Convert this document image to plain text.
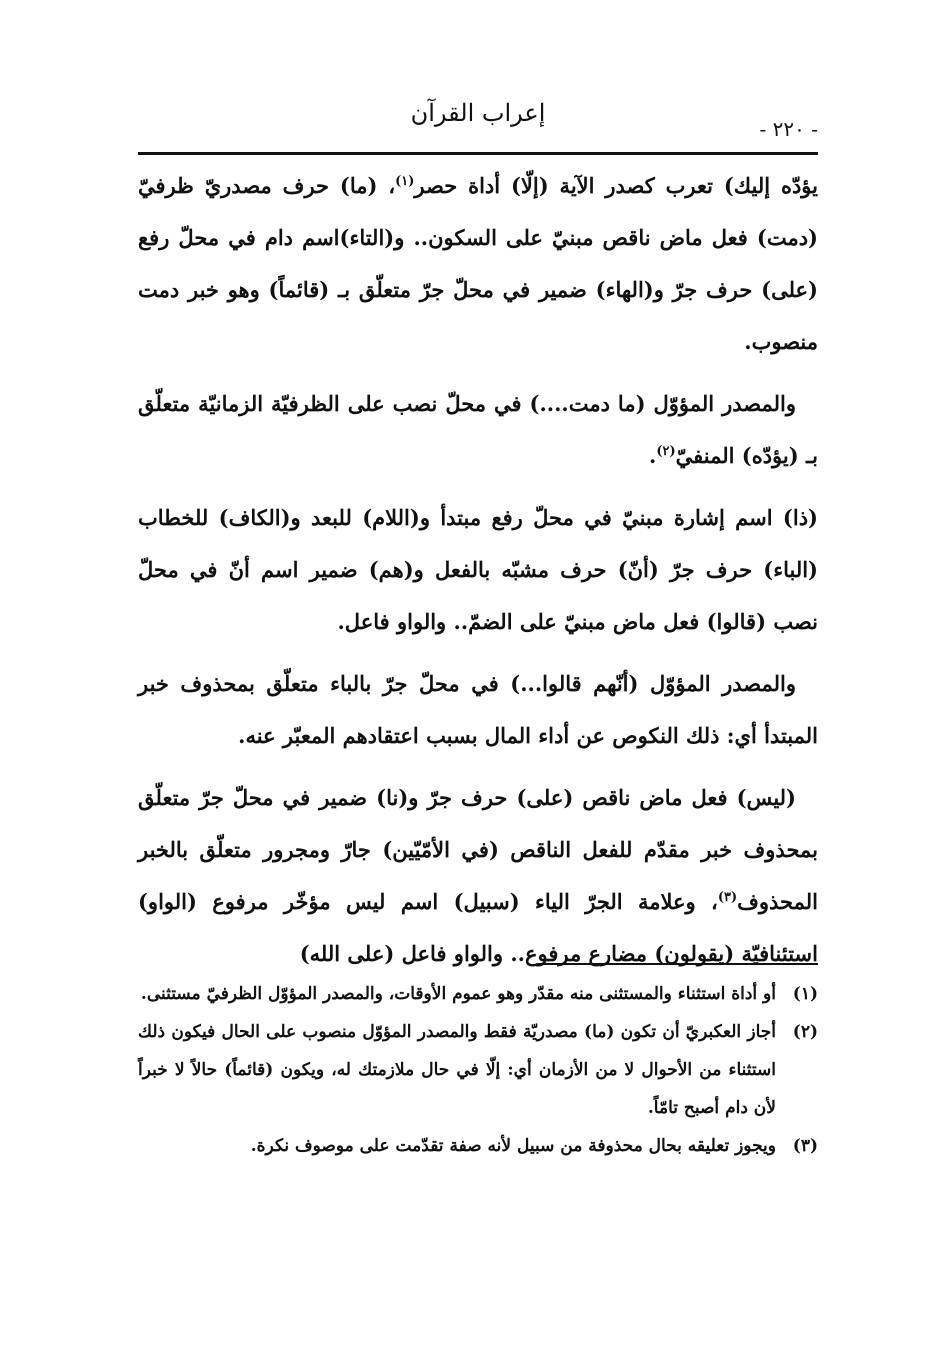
إعراب القرآن
- ٢٢٠ -

يؤدّه إليك) تعرب كصدر الآية (إلّا) أداة حصر$^{(١)}$، (ما) حرف مصدريّ ظرفيّ (دمت) فعل ماض ناقص مبنيّ على السكون.. و(التاء)اسم دام في محلّ رفع (على) حرف جرّ و(الهاء) ضمير في محلّ جرّ متعلّق بـ (قائماً) وهو خبر دمت منصوب.

والمصدر المؤوّل (ما دمت....) في محلّ نصب على الظرفيّة الزمانيّة متعلّق بـ (يؤدّه) المنفيّ$^{(٢)}$.

(ذا) اسم إشارة مبنيّ في محلّ رفع مبتدأ و(اللام) للبعد و(الكاف) للخطاب (الباء) حرف جرّ (أنّ) حرف مشبّه بالفعل و(هم) ضمير اسم أنّ في محلّ نصب (قالوا) فعل ماض مبنيّ على الضمّ.. والواو فاعل.

والمصدر المؤوّل (أنّهم قالوا...) في محلّ جرّ بالباء متعلّق بمحذوف خبر المبتدأ أي: ذلك النكوص عن أداء المال بسبب اعتقادهم المعبّر عنه.

(ليس) فعل ماض ناقص (على) حرف جرّ و(نا) ضمير في محلّ جرّ متعلّق بمحذوف خبر مقدّم للفعل الناقص (في الأمّيّين) جارّ ومجرور متعلّق بالخبر المحذوف$^{(٣)}$، وعلامة الجرّ الياء (سبيل) اسم ليس مؤخّر مرفوع (الواو) استئنافيّة (يقولون) مضارع مرفوع.. والواو فاعل (على الله)

(١)
أو أداة استثناء والمستثنى منه مقدّر وهو عموم الأوقات، والمصدر المؤوّل الظرفيّ مستثنى.
(٢)
أجاز العكبريّ أن تكون (ما) مصدريّة فقط والمصدر المؤوّل منصوب على الحال فيكون ذلك استثناء من الأحوال لا من الأزمان أي: إلّا في حال ملازمتك له، ويكون (قائماً) حالاً لا خبراً لأن دام أصبح تامّاً.
(٣)
ويجوز تعليقه بحال محذوفة من سبيل لأنه صفة تقدّمت على موصوف نكرة.
